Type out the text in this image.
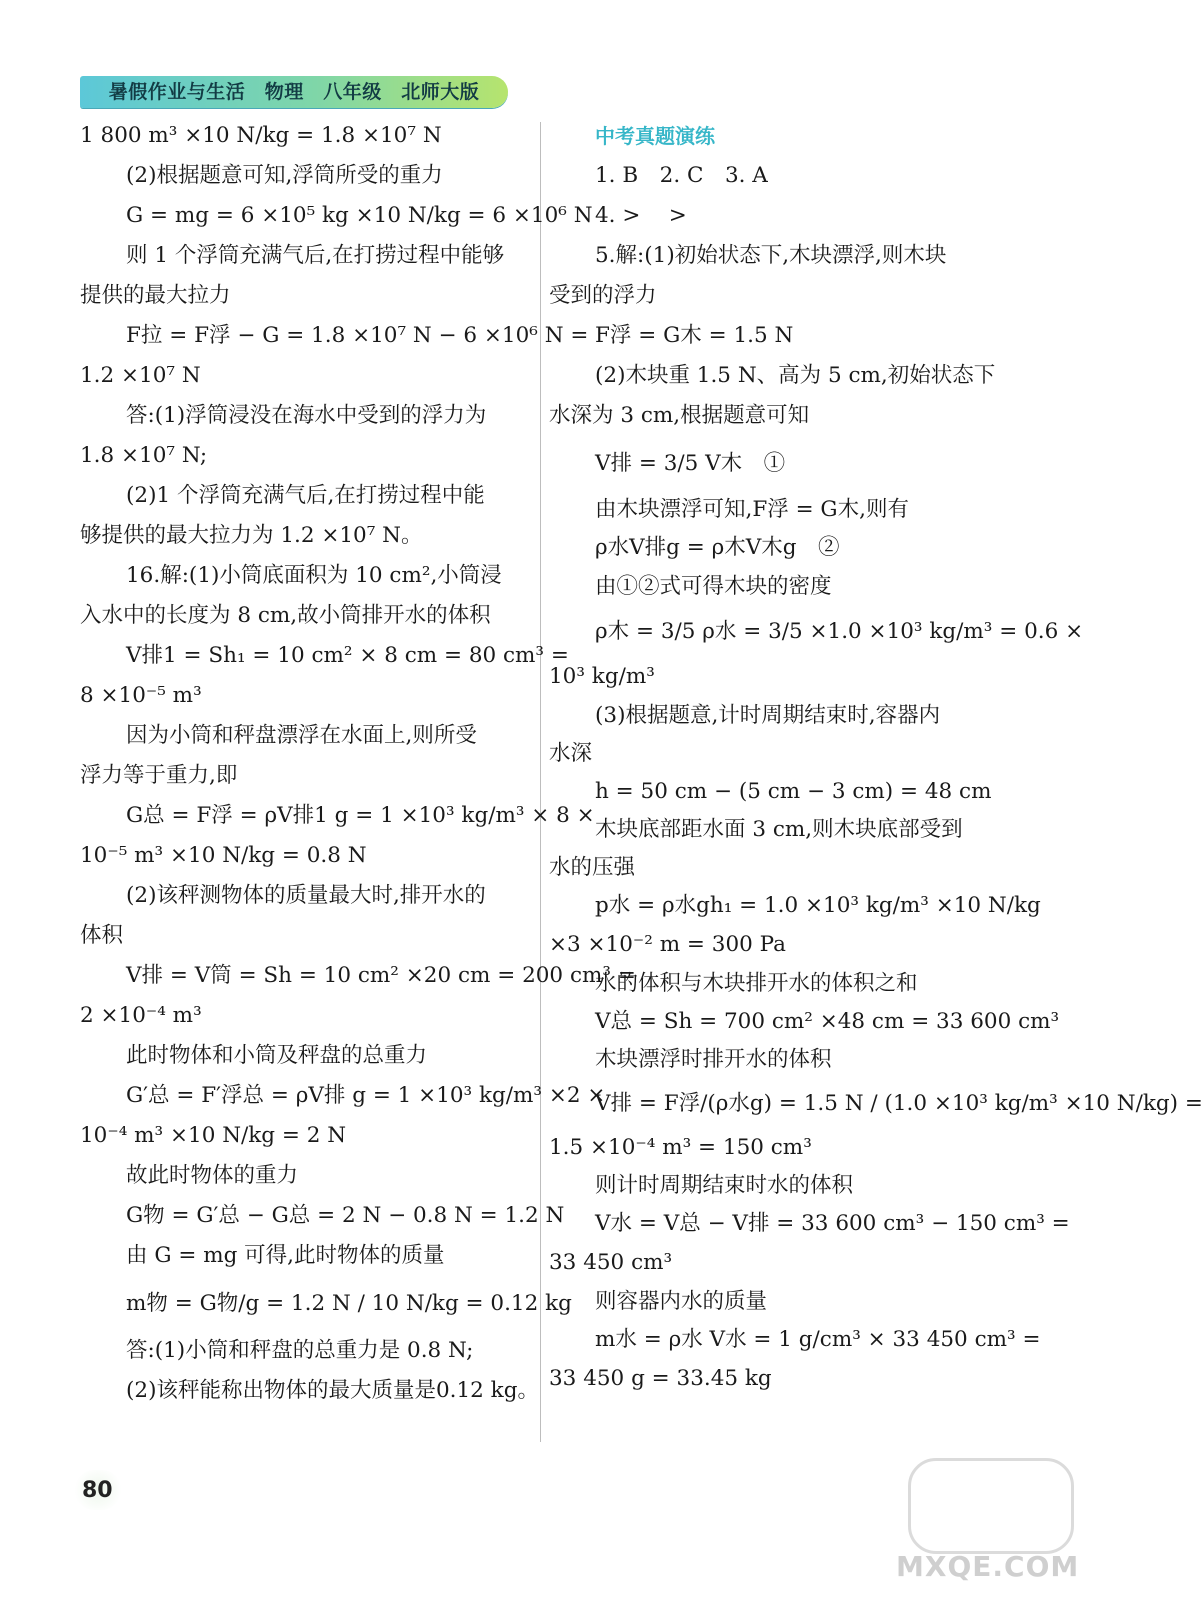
暑假作业与生活　物理　八年级　北师大版
1 800 m³ ×10 N/kg = 1.8 ×10⁷ N
(2)根据题意可知,浮筒所受的重力
G = mg = 6 ×10⁵ kg ×10 N/kg = 6 ×10⁶ N
则 1 个浮筒充满气后,在打捞过程中能够
提供的最大拉力
F拉 = F浮 − G = 1.8 ×10⁷ N − 6 ×10⁶ N =
1.2 ×10⁷ N
答:(1)浮筒浸没在海水中受到的浮力为
1.8 ×10⁷ N;
(2)1 个浮筒充满气后,在打捞过程中能
够提供的最大拉力为 1.2 ×10⁷ N。
16.解:(1)小筒底面积为 10 cm²,小筒浸
入水中的长度为 8 cm,故小筒排开水的体积
V排1 = Sh₁ = 10 cm² × 8 cm = 80 cm³ =
8 ×10⁻⁵ m³
因为小筒和秤盘漂浮在水面上,则所受
浮力等于重力,即
G总 = F浮 = ρV排1 g = 1 ×10³ kg/m³ × 8 ×
10⁻⁵ m³ ×10 N/kg = 0.8 N
(2)该秤测物体的质量最大时,排开水的
体积
V排 = V筒 = Sh = 10 cm² ×20 cm = 200 cm³ =
2 ×10⁻⁴ m³
此时物体和小筒及秤盘的总重力
G′总 = F′浮总 = ρV排 g = 1 ×10³ kg/m³ ×2 ×
10⁻⁴ m³ ×10 N/kg = 2 N
故此时物体的重力
G物 = G′总 − G总 = 2 N − 0.8 N = 1.2 N
由 G = mg 可得,此时物体的质量
m物 = G物/g = 1.2 N / 10 N/kg = 0.12 kg
答:(1)小筒和秤盘的总重力是 0.8 N;
(2)该秤能称出物体的最大质量是0.12 kg。
中考真题演练
1. B　2. C　3. A
4. >　 >
5.解:(1)初始状态下,木块漂浮,则木块
受到的浮力
F浮 = G木 = 1.5 N
(2)木块重 1.5 N、高为 5 cm,初始状态下
水深为 3 cm,根据题意可知
V排 = 3/5 V木　①
由木块漂浮可知,F浮 = G木,则有
ρ水V排g = ρ木V木g　②
由①②式可得木块的密度
ρ木 = 3/5 ρ水 = 3/5 ×1.0 ×10³ kg/m³ = 0.6 ×
10³ kg/m³
(3)根据题意,计时周期结束时,容器内
水深
h = 50 cm − (5 cm − 3 cm) = 48 cm
木块底部距水面 3 cm,则木块底部受到
水的压强
p水 = ρ水gh₁ = 1.0 ×10³ kg/m³ ×10 N/kg
×3 ×10⁻² m = 300 Pa
水的体积与木块排开水的体积之和
V总 = Sh = 700 cm² ×48 cm = 33 600 cm³
木块漂浮时排开水的体积
V排 = F浮/(ρ水g) = 1.5 N / (1.0 ×10³ kg/m³ ×10 N/kg) =
1.5 ×10⁻⁴ m³ = 150 cm³
则计时周期结束时水的体积
V水 = V总 − V排 = 33 600 cm³ − 150 cm³ =
33 450 cm³
则容器内水的质量
m水 = ρ水 V水 = 1 g/cm³ × 33 450 cm³ =
33 450 g = 33.45 kg
80
MXQE.COM
